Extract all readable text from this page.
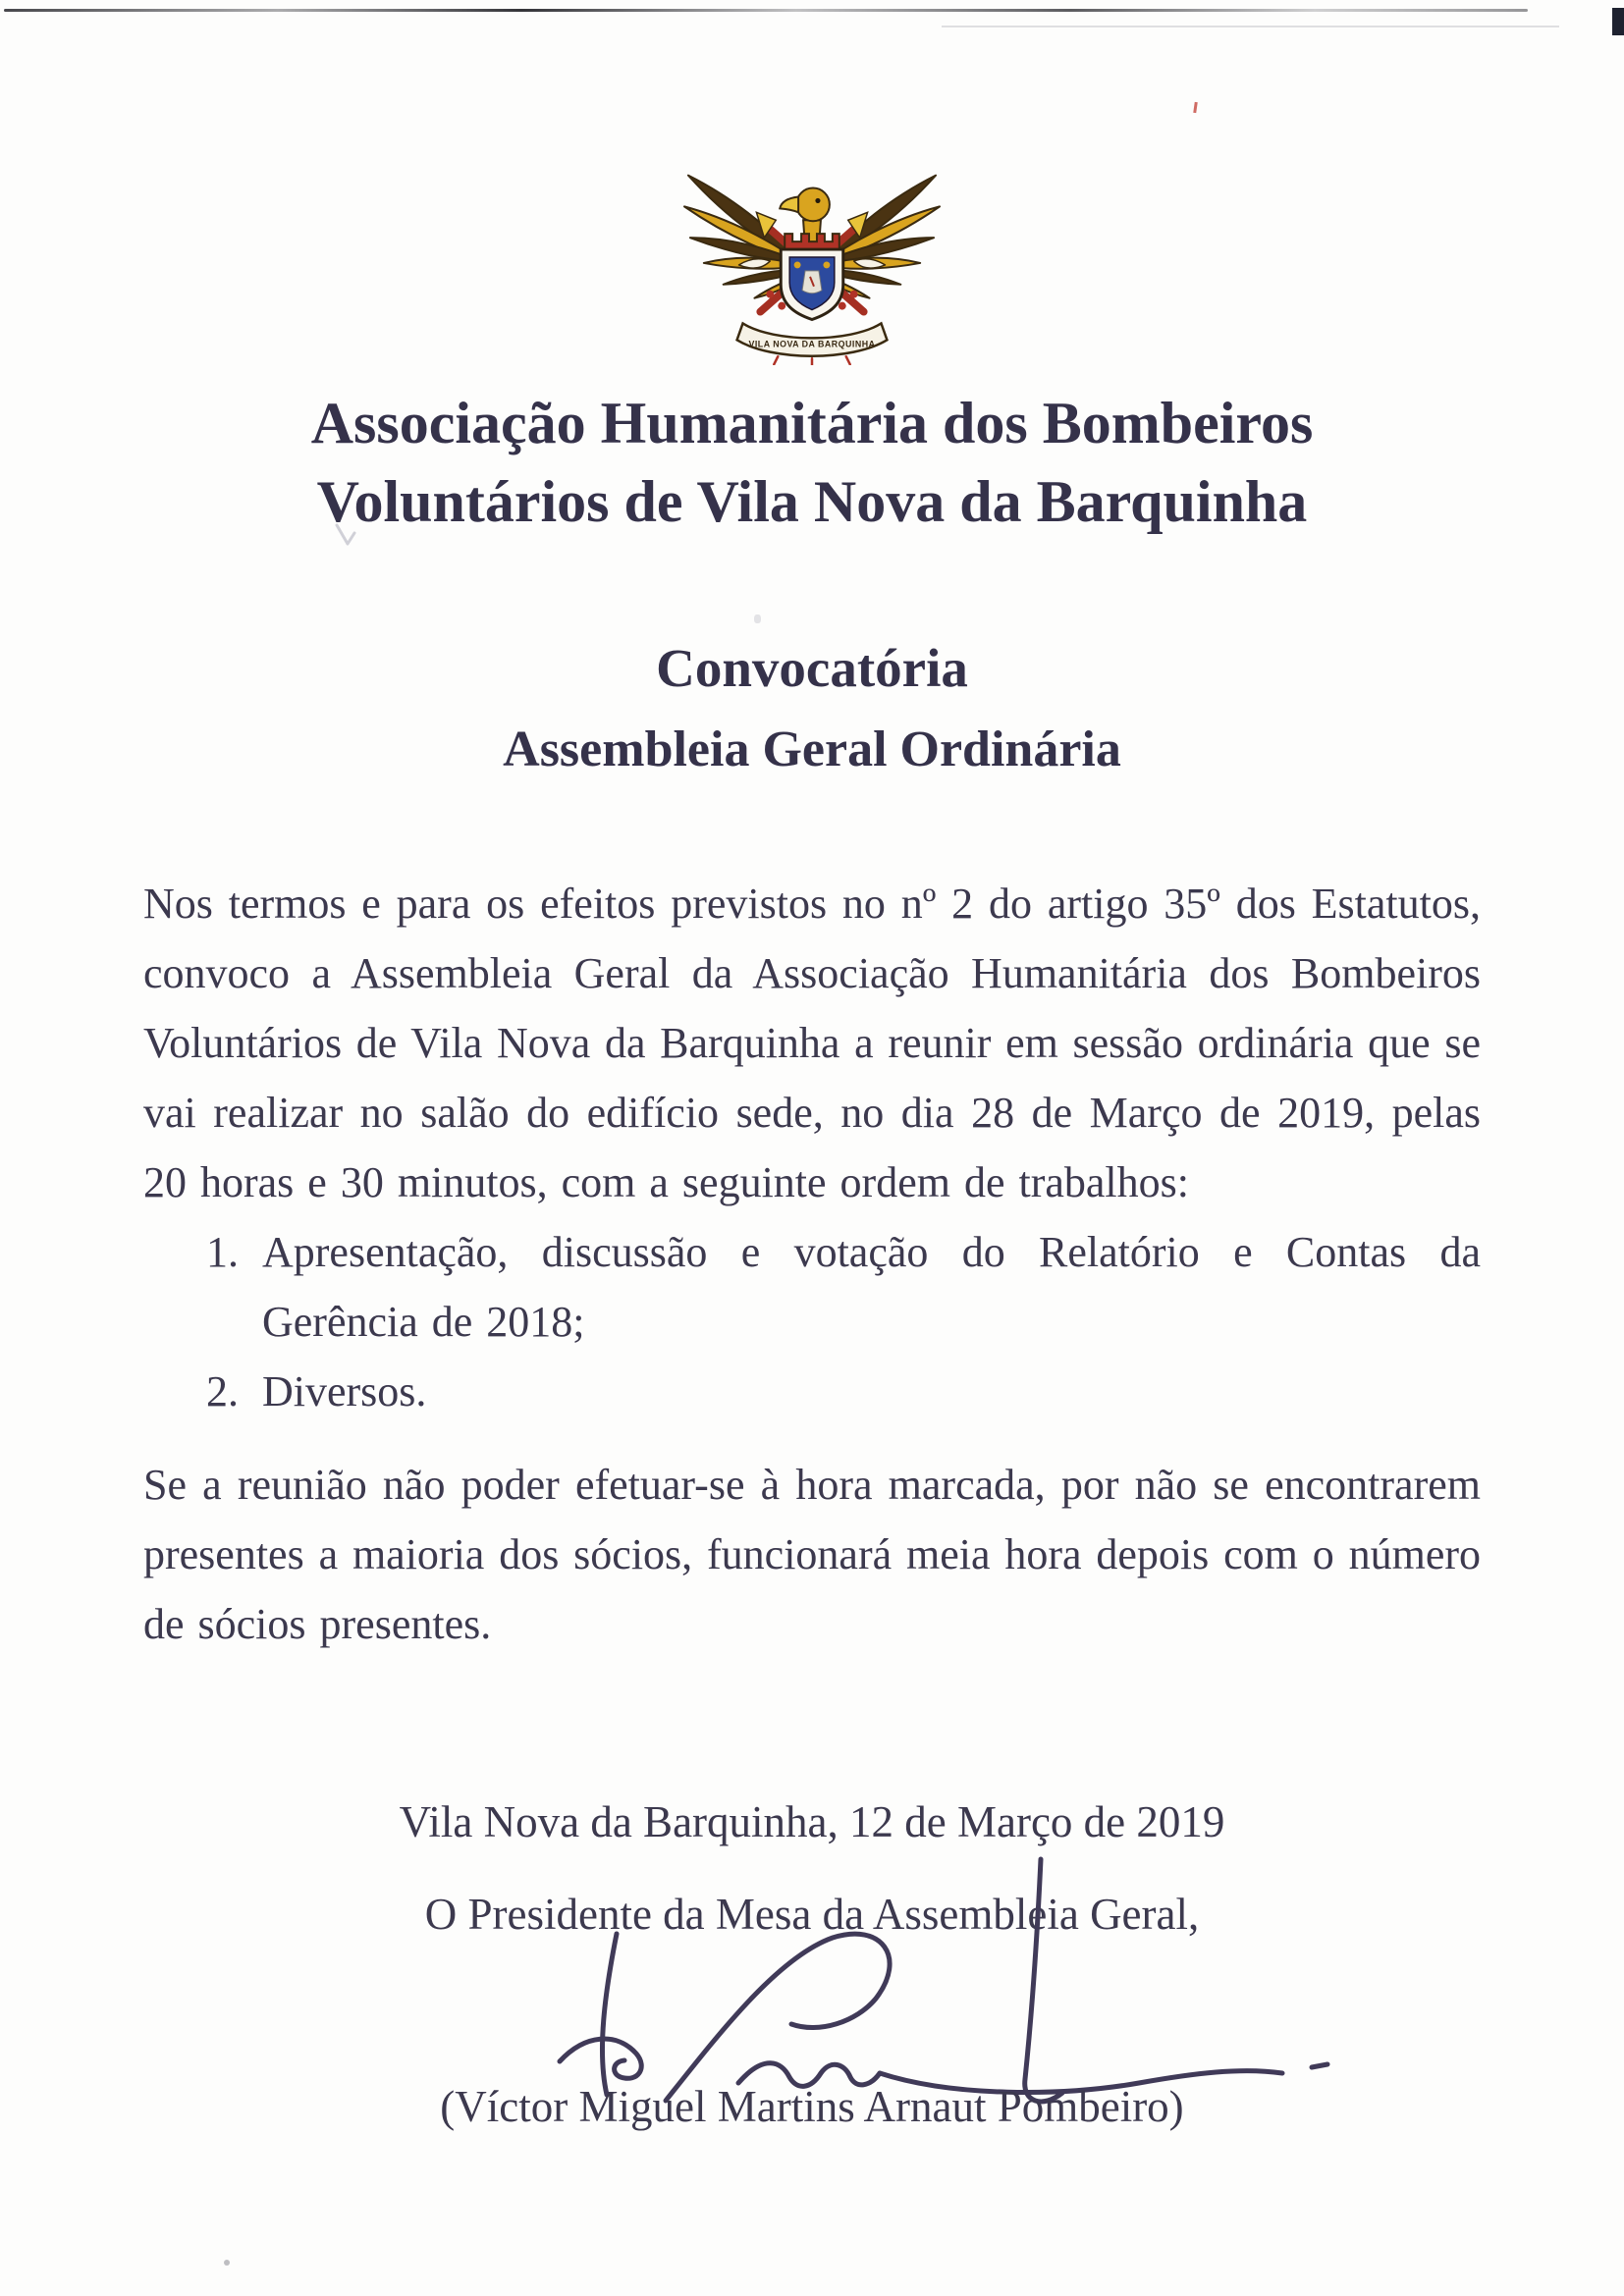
VILA NOVA DA BARQUINHA
Associação Humanitária dos Bombeiros
Voluntários de Vila Nova da Barquinha
Convocatória
Assembleia Geral Ordinária

Nos termos e para os efeitos previstos no nº 2 do artigo 35º dos Estatutos, convoco a Assembleia Geral da Associação Humanitária dos Bombeiros Voluntários de Vila Nova da Barquinha a reunir em sessão ordinária que se vai realizar no salão do edifício sede, no dia 28 de Março de 2019, pelas 20 horas e 30 minutos, com a seguinte ordem de trabalhos:

1. Apresentação, discussão e votação do Relatório e Contas da Gerência de 2018;
2. Diversos.

Se a reunião não poder efetuar-se à hora marcada, por não se encontrarem presentes a maioria dos sócios, funcionará meia hora depois com o número de sócios presentes.

Vila Nova da Barquinha, 12 de Março de 2019
O Presidente da Mesa da Assembleia Geral,
(Víctor Miguel Martins Arnaut Pombeiro)
